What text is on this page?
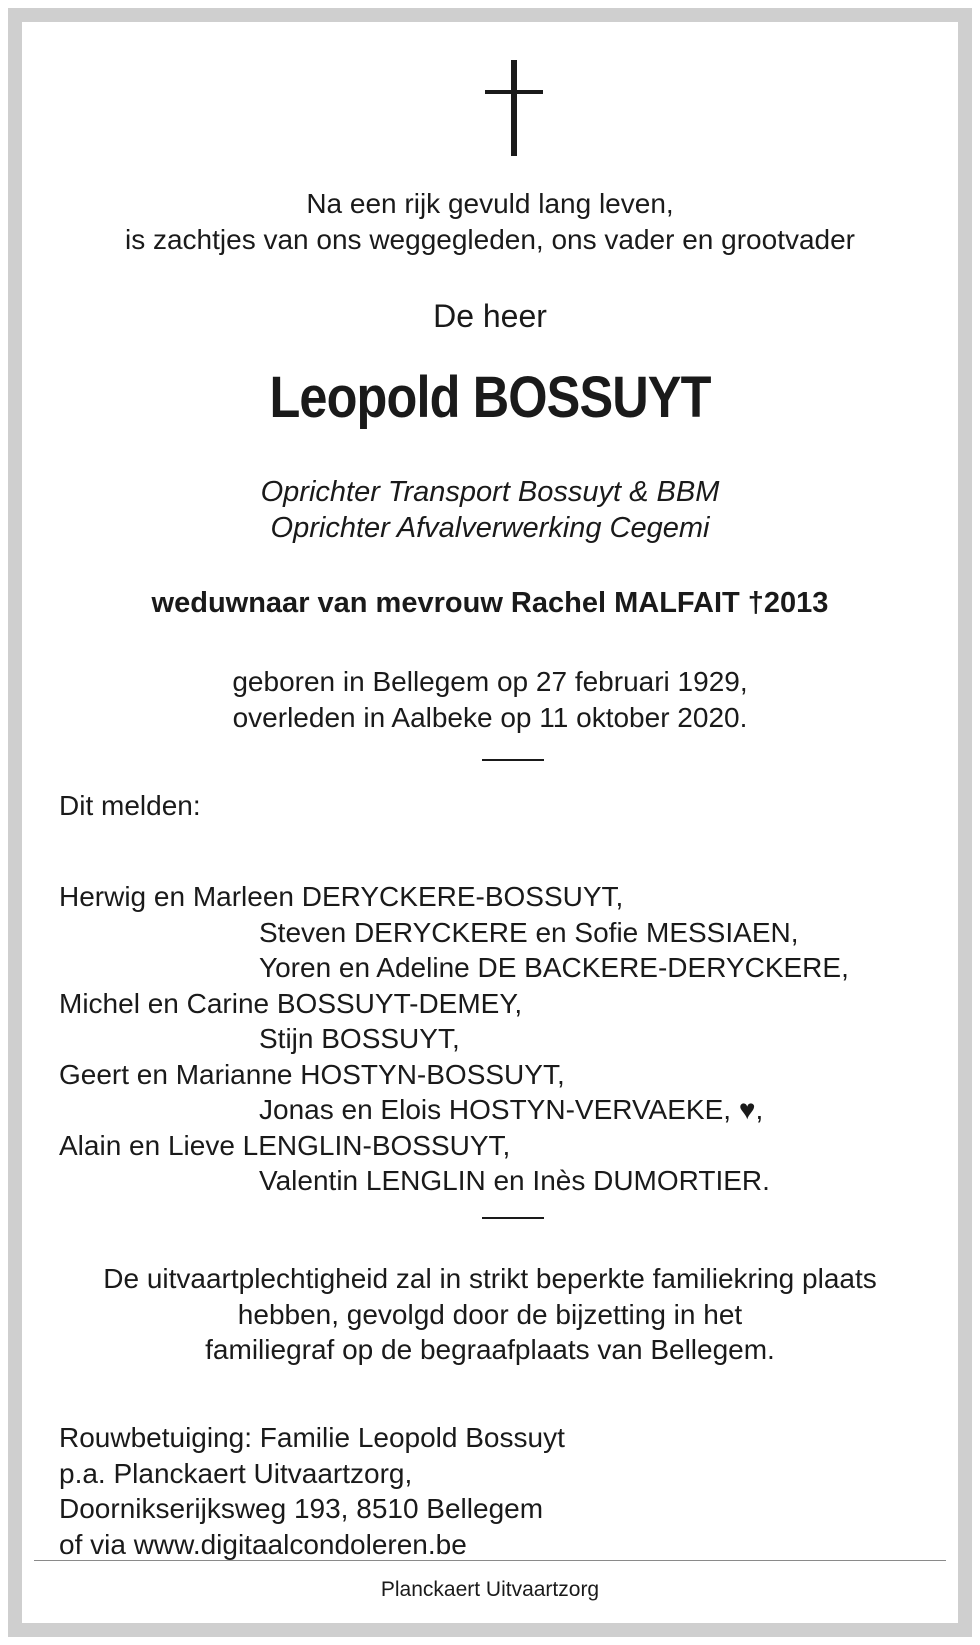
Na een rijk gevuld lang leven,
is zachtjes van ons weggegleden, ons vader en grootvader
De heer
Leopold BOSSUYT
Oprichter Transport Bossuyt & BBM
Oprichter Afvalverwerking Cegemi
weduwnaar van mevrouw Rachel MALFAIT †2013
geboren in Bellegem op 27 februari 1929,
overleden in Aalbeke op 11 oktober 2020.
Dit melden:
Herwig en Marleen DERYCKERE-BOSSUYT,
Steven DERYCKERE en Sofie MESSIAEN,
Yoren en Adeline DE BACKERE-DERYCKERE,
Michel en Carine BOSSUYT-DEMEY,
Stijn BOSSUYT,
Geert en Marianne HOSTYN-BOSSUYT,
Jonas en Elois HOSTYN-VERVAEKE, ♥,
Alain en Lieve LENGLIN-BOSSUYT,
Valentin LENGLIN en Inès DUMORTIER.
De uitvaartplechtigheid zal in strikt beperkte familiekring plaats
hebben, gevolgd door de bijzetting in het
familiegraf op de begraafplaats van Bellegem.
Rouwbetuiging: Familie Leopold Bossuyt
p.a. Planckaert Uitvaartzorg,
Doornikserijksweg 193, 8510 Bellegem
of via www.digitaalcondoleren.be
Planckaert Uitvaartzorg
